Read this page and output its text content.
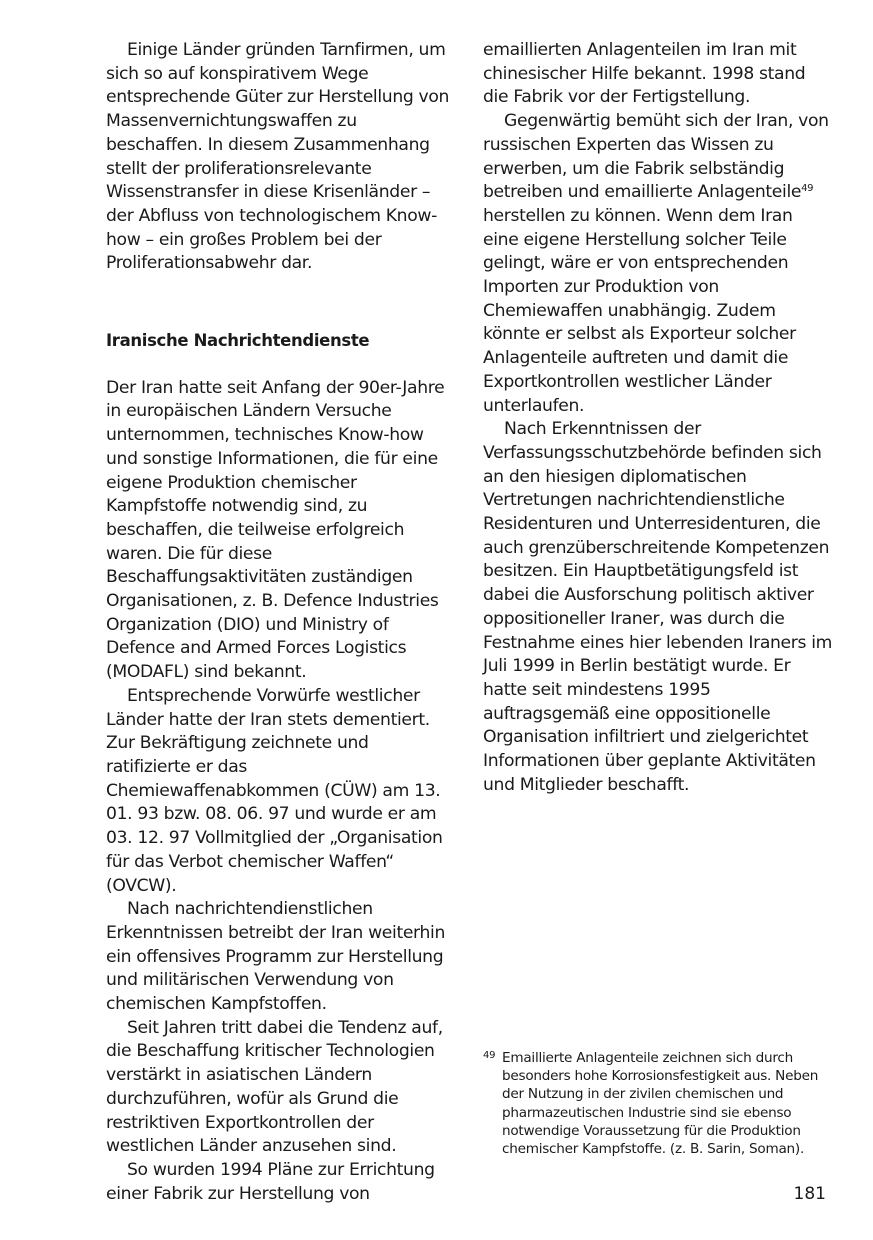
Einige Länder gründen Tarnfirmen, um sich so auf konspirativem Wege entsprechende Güter zur Herstellung von Massenvernichtungswaffen zu beschaffen. In diesem Zusammenhang stellt der proliferationsrelevante Wissenstransfer in diese Krisenländer – der Abfluss von technologischem Know-how – ein großes Problem bei der Proliferationsabwehr dar.

Iranische Nachrichtendienste

Der Iran hatte seit Anfang der 90er-Jahre in europäischen Ländern Versuche unternommen, technisches Know-how und sonstige Informationen, die für eine eigene Produktion chemischer Kampfstoffe notwendig sind, zu beschaffen, die teilweise erfolgreich waren. Die für diese Beschaffungsaktivitäten zuständigen Organisationen, z. B. Defence Industries Organization (DIO) und Ministry of Defence and Armed Forces Logistics (MODAFL) sind bekannt.

Entsprechende Vorwürfe westlicher Länder hatte der Iran stets dementiert. Zur Bekräftigung zeichnete und ratifizierte er das Chemiewaffenabkommen (CÜW) am 13. 01. 93 bzw. 08. 06. 97 und wurde er am 03. 12. 97 Vollmitglied der „Organisation für das Verbot chemischer Waffen“ (OVCW).

Nach nachrichtendienstlichen Erkenntnissen betreibt der Iran weiterhin ein offensives Programm zur Herstellung und militärischen Verwendung von chemischen Kampfstoffen.

Seit Jahren tritt dabei die Tendenz auf, die Beschaffung kritischer Technologien verstärkt in asiatischen Ländern durchzuführen, wofür als Grund die restriktiven Exportkontrollen der westlichen Länder anzusehen sind.

So wurden 1994 Pläne zur Errichtung einer Fabrik zur Herstellung von

emaillierten Anlagenteilen im Iran mit chinesischer Hilfe bekannt. 1998 stand die Fabrik vor der Fertigstellung.

Gegenwärtig bemüht sich der Iran, von russischen Experten das Wissen zu erwerben, um die Fabrik selbständig betreiben und emaillierte Anlagenteile$^{49}$ herstellen zu können. Wenn dem Iran eine eigene Herstellung solcher Teile gelingt, wäre er von entsprechenden Importen zur Produktion von Chemiewaffen unabhängig. Zudem könnte er selbst als Exporteur solcher Anlagenteile auftreten und damit die Exportkontrollen westlicher Länder unterlaufen.

Nach Erkenntnissen der Verfassungsschutzbehörde befinden sich an den hiesigen diplomatischen Vertretungen nachrichtendienstliche Residenturen und Unterresidenturen, die auch grenzüberschreitende Kompetenzen besitzen. Ein Hauptbetätigungsfeld ist dabei die Ausforschung politisch aktiver oppositioneller Iraner, was durch die Festnahme eines hier lebenden Iraners im Juli 1999 in Berlin bestätigt wurde. Er hatte seit mindestens 1995 auftragsgemäß eine oppositionelle Organisation infiltriert und zielgerichtet Informationen über geplante Aktivitäten und Mitglieder beschafft.

49 Emaillierte Anlagenteile zeichnen sich durch besonders hohe Korrosionsfestigkeit aus. Neben der Nutzung in der zivilen chemischen und pharmazeutischen Industrie sind sie ebenso notwendige Voraussetzung für die Produktion chemischer Kampfstoffe. (z. B. Sarin, Soman).
181
